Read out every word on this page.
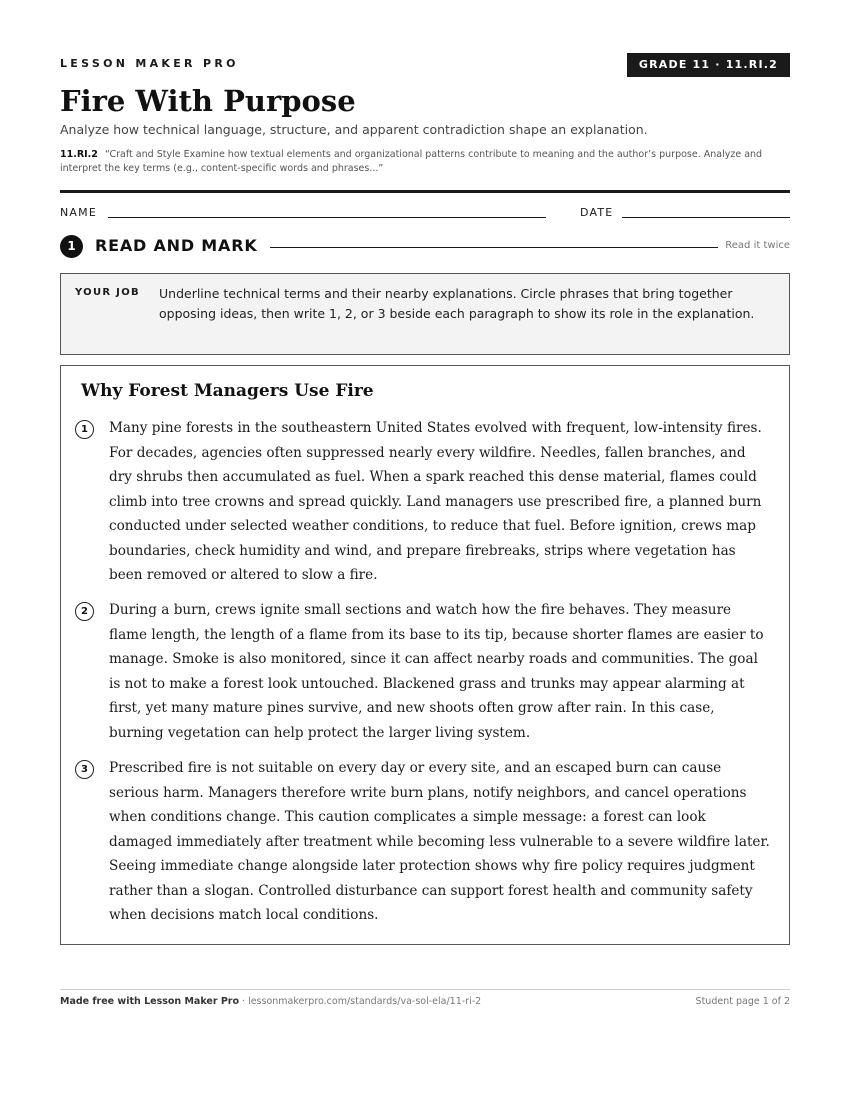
LESSON MAKER PRO	GRADE 11 · 11.RI.2
Fire With Purpose
Analyze how technical language, structure, and apparent contradiction shape an explanation.
11.RI.2 “Craft and Style Examine how textual elements and organizational patterns contribute to meaning and the author’s purpose. Analyze and interpret the key terms (e.g., content-specific words and phrases...”
NAME	DATE
1	READ AND MARK	Read it twice
YOUR JOB Underline technical terms and their nearby explanations. Circle phrases that bring together opposing ideas, then write 1, 2, or 3 beside each paragraph to show its role in the explanation.
Why Forest Managers Use Fire
1	Many pine forests in the southeastern United States evolved with frequent, low-intensity fires. For decades, agencies often suppressed nearly every wildfire. Needles, fallen branches, and dry shrubs then accumulated as fuel. When a spark reached this dense material, flames could climb into tree crowns and spread quickly. Land managers use prescribed fire, a planned burn conducted under selected weather conditions, to reduce that fuel. Before ignition, crews map boundaries, check humidity and wind, and prepare firebreaks, strips where vegetation has been removed or altered to slow a fire.
2	During a burn, crews ignite small sections and watch how the fire behaves. They measure flame length, the length of a flame from its base to its tip, because shorter flames are easier to manage. Smoke is also monitored, since it can affect nearby roads and communities. The goal is not to make a forest look untouched. Blackened grass and trunks may appear alarming at first, yet many mature pines survive, and new shoots often grow after rain. In this case, burning vegetation can help protect the larger living system.
3	Prescribed fire is not suitable on every day or every site, and an escaped burn can cause serious harm. Managers therefore write burn plans, notify neighbors, and cancel operations when conditions change. This caution complicates a simple message: a forest can look damaged immediately after treatment while becoming less vulnerable to a severe wildfire later. Seeing immediate change alongside later protection shows why fire policy requires judgment rather than a slogan. Controlled disturbance can support forest health and community safety when decisions match local conditions.
Made free with Lesson Maker Pro · lessonmakerpro.com/standards/va-sol-ela/11-ri-2	Student page 1 of 2
